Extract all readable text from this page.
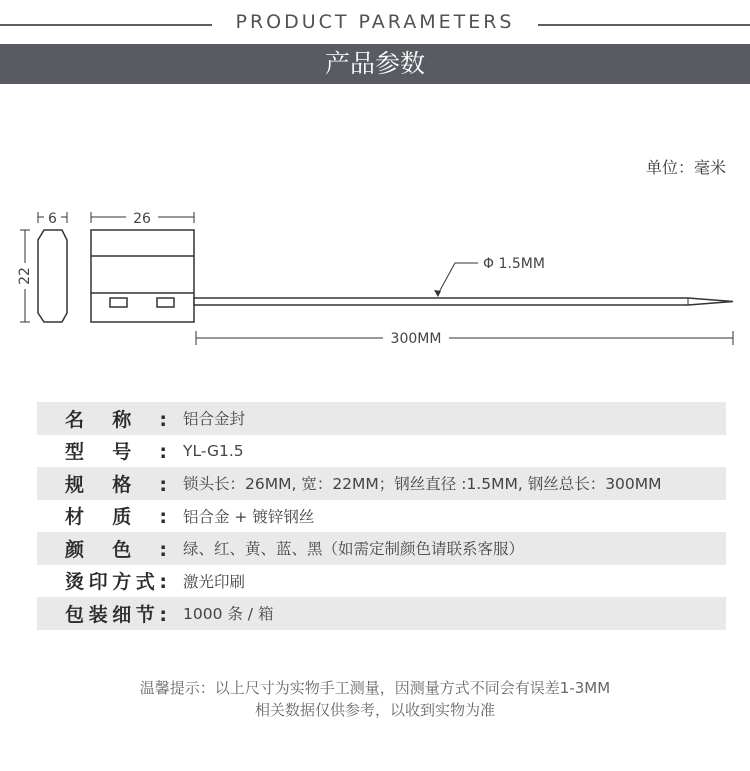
PRODUCT PARAMETERS
产品参数
单位：毫米
6
22
26
Φ 1.5MM
300MM
名称:	铝合金封
型号:	YL-G1.5
规格:	锁头长：26MM, 宽：22MM；钢丝直径 :1.5MM, 钢丝总长：300MM
材质:	铝合金 + 镀锌钢丝
颜色:	绿、红、黄、蓝、黑（如需定制颜色请联系客服）
烫印方式:	激光印刷
包装细节:	1000 条 / 箱
温馨提示：以上尺寸为实物手工测量，因测量方式不同会有误差1-3MM
相关数据仅供参考，以收到实物为准
